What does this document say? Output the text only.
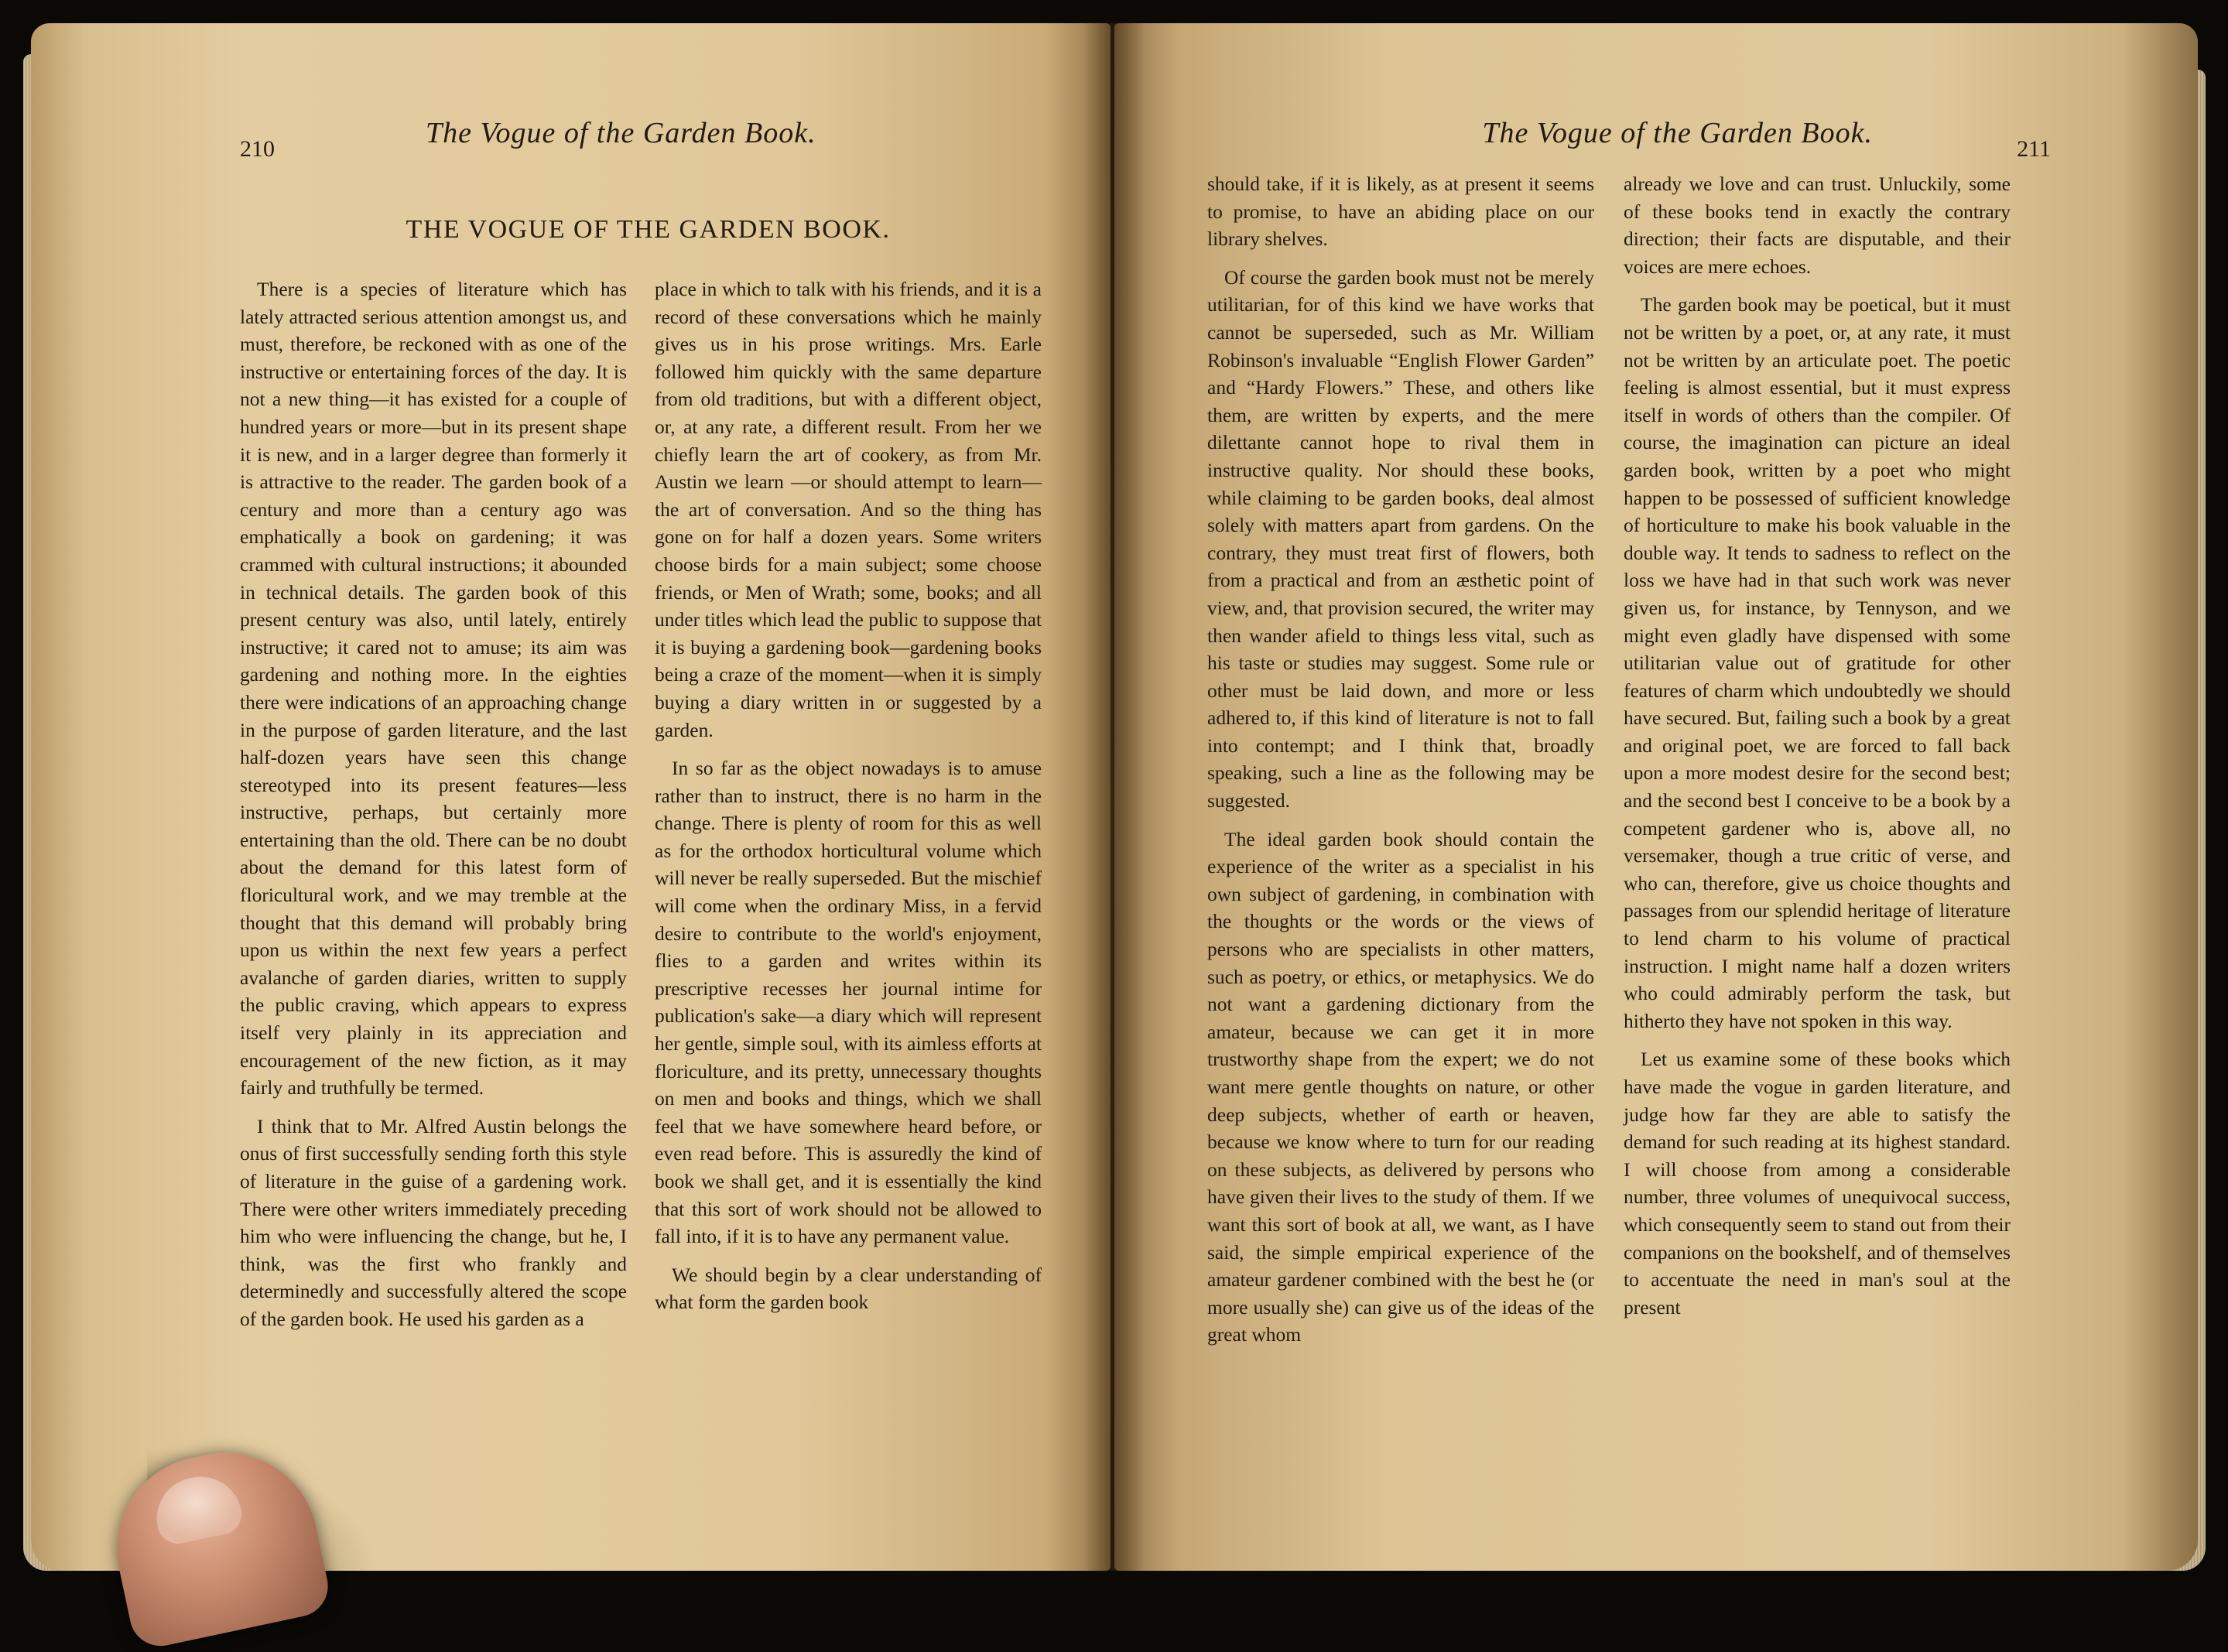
210	The Vogue of the Garden Book.
THE VOGUE OF THE GARDEN BOOK.

There is a species of literature which has lately attracted serious attention amongst us, and must, therefore, be reckoned with as one of the instructive or entertaining forces of the day. It is not a new thing—it has existed for a couple of hundred years or more—but in its present shape it is new, and in a larger degree than formerly it is attractive to the reader. The garden book of a century and more than a century ago was emphatically a book on gardening; it was crammed with cultural instructions; it abounded in technical details. The garden book of this present century was also, until lately, entirely instructive; it cared not to amuse; its aim was gardening and nothing more. In the eighties there were indications of an approaching change in the purpose of garden literature, and the last half-dozen years have seen this change stereotyped into its present features—less instructive, perhaps, but certainly more entertaining than the old. There can be no doubt about the demand for this latest form of floricultural work, and we may tremble at the thought that this demand will probably bring upon us within the next few years a perfect avalanche of garden diaries, written to supply the public craving, which appears to express itself very plainly in its appreciation and encouragement of the new fiction, as it may fairly and truthfully be termed.

I think that to Mr. Alfred Austin belongs the onus of first successfully sending forth this style of literature in the guise of a gardening work. There were other writers immediately preceding him who were influencing the change, but he, I think, was the first who frankly and determinedly and successfully altered the scope of the garden book. He used his garden as a

place in which to talk with his friends, and it is a record of these conversations which he mainly gives us in his prose writings. Mrs. Earle followed him quickly with the same departure from old traditions, but with a different object, or, at any rate, a different result. From her we chiefly learn the art of cookery, as from Mr. Austin we learn —or should attempt to learn—the art of conversation. And so the thing has gone on for half a dozen years. Some writers choose birds for a main subject; some choose friends, or Men of Wrath; some, books; and all under titles which lead the public to suppose that it is buying a gardening book—gardening books being a craze of the moment—when it is simply buying a diary written in or suggested by a garden.

In so far as the object nowadays is to amuse rather than to instruct, there is no harm in the change. There is plenty of room for this as well as for the orthodox horticultural volume which will never be really superseded. But the mischief will come when the ordinary Miss, in a fervid desire to contribute to the world's enjoyment, flies to a garden and writes within its prescriptive recesses her journal intime for publication's sake—a diary which will represent her gentle, simple soul, with its aimless efforts at floriculture, and its pretty, unnecessary thoughts on men and books and things, which we shall feel that we have somewhere heard before, or even read before. This is assuredly the kind of book we shall get, and it is essentially the kind that this sort of work should not be allowed to fall into, if it is to have any permanent value.

We should begin by a clear understanding of what form the garden book

The Vogue of the Garden Book.	211

should take, if it is likely, as at present it seems to promise, to have an abiding place on our library shelves.

Of course the garden book must not be merely utilitarian, for of this kind we have works that cannot be superseded, such as Mr. William Robinson's invaluable “English Flower Garden” and “Hardy Flowers.” These, and others like them, are written by experts, and the mere dilettante cannot hope to rival them in instructive quality. Nor should these books, while claiming to be garden books, deal almost solely with matters apart from gardens. On the contrary, they must treat first of flowers, both from a practical and from an æsthetic point of view, and, that provision secured, the writer may then wander afield to things less vital, such as his taste or studies may suggest. Some rule or other must be laid down, and more or less adhered to, if this kind of literature is not to fall into contempt; and I think that, broadly speaking, such a line as the following may be suggested.

The ideal garden book should contain the experience of the writer as a specialist in his own subject of gardening, in combination with the thoughts or the words or the views of persons who are specialists in other matters, such as poetry, or ethics, or metaphysics. We do not want a gardening dictionary from the amateur, because we can get it in more trustworthy shape from the expert; we do not want mere gentle thoughts on nature, or other deep subjects, whether of earth or heaven, because we know where to turn for our reading on these subjects, as delivered by persons who have given their lives to the study of them. If we want this sort of book at all, we want, as I have said, the simple empirical experience of the amateur gardener combined with the best he (or more usually she) can give us of the ideas of the great whom

already we love and can trust. Unluckily, some of these books tend in exactly the contrary direction; their facts are disputable, and their voices are mere echoes.

The garden book may be poetical, but it must not be written by a poet, or, at any rate, it must not be written by an articulate poet. The poetic feeling is almost essential, but it must express itself in words of others than the compiler. Of course, the imagination can picture an ideal garden book, written by a poet who might happen to be possessed of sufficient knowledge of horticulture to make his book valuable in the double way. It tends to sadness to reflect on the loss we have had in that such work was never given us, for instance, by Tennyson, and we might even gladly have dispensed with some utilitarian value out of gratitude for other features of charm which undoubtedly we should have secured. But, failing such a book by a great and original poet, we are forced to fall back upon a more modest desire for the second best; and the second best I conceive to be a book by a competent gardener who is, above all, no versemaker, though a true critic of verse, and who can, therefore, give us choice thoughts and passages from our splendid heritage of literature to lend charm to his volume of practical instruction. I might name half a dozen writers who could admirably perform the task, but hitherto they have not spoken in this way.

Let us examine some of these books which have made the vogue in garden literature, and judge how far they are able to satisfy the demand for such reading at its highest standard. I will choose from among a considerable number, three volumes of unequivocal success, which consequently seem to stand out from their companions on the bookshelf, and of themselves to accentuate the need in man's soul at the present
